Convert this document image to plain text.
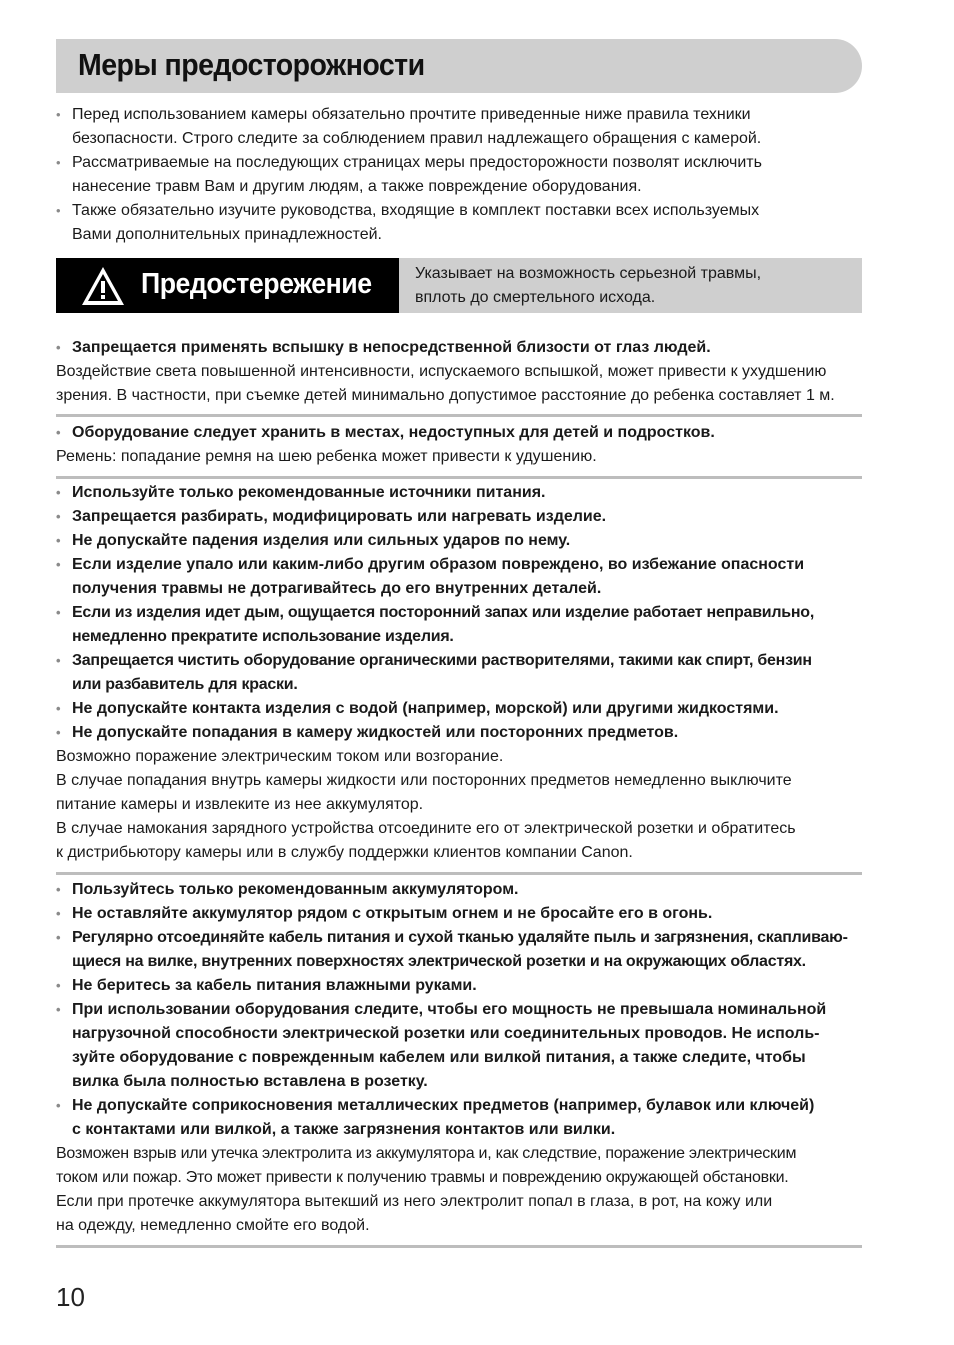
Меры предосторожности
• Перед использованием камеры обязательно прочтите приведенные ниже правила техники
безопасности. Строго следите за соблюдением правил надлежащего обращения с камерой.
• Рассматриваемые на последующих страницах меры предосторожности позволят исключить
нанесение травм Вам и другим людям, а также повреждение оборудования.
• Также обязательно изучите руководства, входящие в комплект поставки всех используемых
Вами дополнительных принадлежностей.
Предостережение	Указывает на возможность серьезной травмы,
вплоть до смертельного исхода.
• Запрещается применять вспышку в непосредственной близости от глаз людей.
Воздействие света повышенной интенсивности, испускаемого вспышкой, может привести к ухудшению
зрения. В частности, при съемке детей минимально допустимое расстояние до ребенка составляет 1 м.
• Оборудование следует хранить в местах, недоступных для детей и подростков.
Ремень: попадание ремня на шею ребенка может привести к удушению.
• Используйте только рекомендованные источники питания.
• Запрещается разбирать, модифицировать или нагревать изделие.
• Не допускайте падения изделия или сильных ударов по нему.
• Если изделие упало или каким-либо другим образом повреждено, во избежание опасности
получения травмы не дотрагивайтесь до его внутренних деталей.
• Если из изделия идет дым, ощущается посторонний запах или изделие работает неправильно,
немедленно прекратите использование изделия.
• Запрещается чистить оборудование органическими растворителями, такими как спирт, бензин
или разбавитель для краски.
• Не допускайте контакта изделия с водой (например, морской) или другими жидкостями.
• Не допускайте попадания в камеру жидкостей или посторонних предметов.
Возможно поражение электрическим током или возгорание.
В случае попадания внутрь камеры жидкости или посторонних предметов немедленно выключите
питание камеры и извлеките из нее аккумулятор.
В случае намокания зарядного устройства отсоедините его от электрической розетки и обратитесь
к дистрибьютору камеры или в службу поддержки клиентов компании Canon.
• Пользуйтесь только рекомендованным аккумулятором.
• Не оставляйте аккумулятор рядом с открытым огнем и не бросайте его в огонь.
• Регулярно отсоединяйте кабель питания и сухой тканью удаляйте пыль и загрязнения, скапливаю-
щиеся на вилке, внутренних поверхностях электрической розетки и на окружающих областях.
• Не беритесь за кабель питания влажными руками.
• При использовании оборудования следите, чтобы его мощность не превышала номинальной
нагрузочной способности электрической розетки или соединительных проводов. Не исполь-
зуйте оборудование с поврежденным кабелем или вилкой питания, а также следите, чтобы
вилка была полностью вставлена в розетку.
• Не допускайте соприкосновения металлических предметов (например, булавок или ключей)
с контактами или вилкой, а также загрязнения контактов или вилки.
Возможен взрыв или утечка электролита из аккумулятора и, как следствие, поражение электрическим
током или пожар. Это может привести к получению травмы и повреждению окружающей обстановки.
Если при протечке аккумулятора вытекший из него электролит попал в глаза, в рот, на кожу или
на одежду, немедленно смойте его водой.
10
